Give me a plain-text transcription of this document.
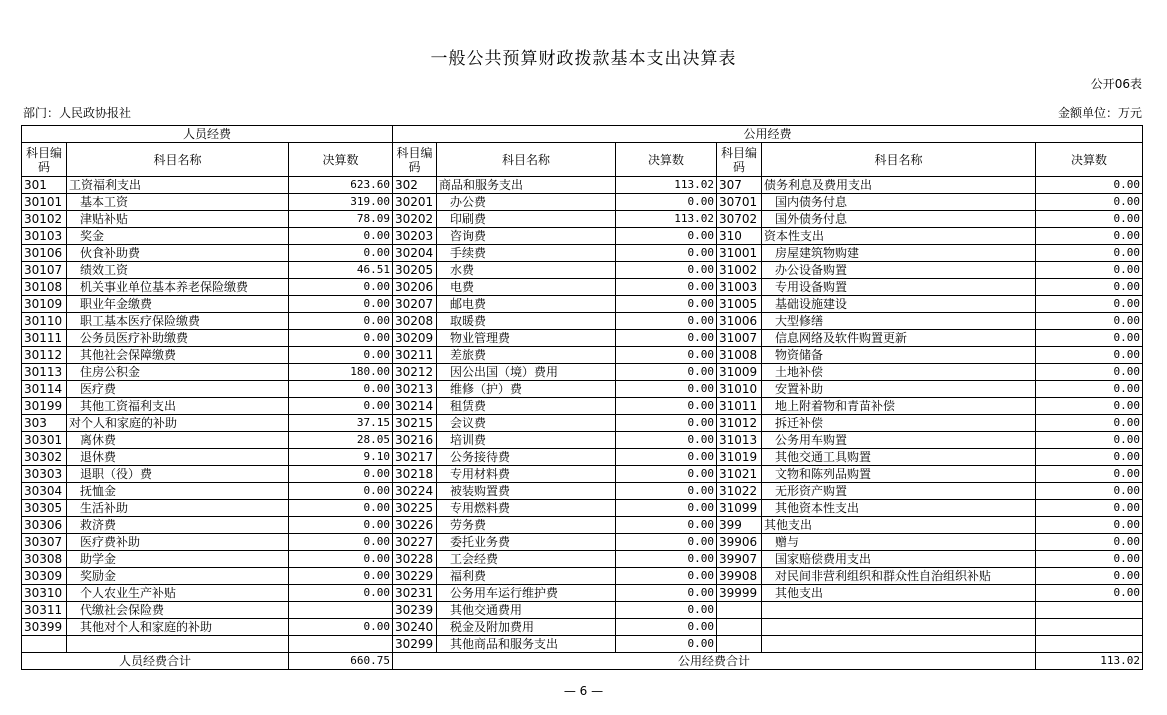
一般公共预算财政拨款基本支出决算表
公开06表
部门：人民政协报社	金额单位：万元
人员经费			公用经费					
科目编码	科目名称	决算数	科目编码	科目名称	决算数	科目编码	科目名称	决算数
301	工资福利支出	623.60	302	商品和服务支出	113.02	307	债务利息及费用支出	0.00
30101	基本工资	319.00	30201	办公费	0.00	30701	国内债务付息	0.00
30102	津贴补贴	78.09	30202	印刷费	113.02	30702	国外债务付息	0.00
30103	奖金	0.00	30203	咨询费	0.00	310	资本性支出	0.00
30106	伙食补助费	0.00	30204	手续费	0.00	31001	房屋建筑物购建	0.00
30107	绩效工资	46.51	30205	水费	0.00	31002	办公设备购置	0.00
30108	机关事业单位基本养老保险缴费	0.00	30206	电费	0.00	31003	专用设备购置	0.00
30109	职业年金缴费	0.00	30207	邮电费	0.00	31005	基础设施建设	0.00
30110	职工基本医疗保险缴费	0.00	30208	取暖费	0.00	31006	大型修缮	0.00
30111	公务员医疗补助缴费	0.00	30209	物业管理费	0.00	31007	信息网络及软件购置更新	0.00
30112	其他社会保障缴费	0.00	30211	差旅费	0.00	31008	物资储备	0.00
30113	住房公积金	180.00	30212	因公出国（境）费用	0.00	31009	土地补偿	0.00
30114	医疗费	0.00	30213	维修（护）费	0.00	31010	安置补助	0.00
30199	其他工资福利支出	0.00	30214	租赁费	0.00	31011	地上附着物和青苗补偿	0.00
303	对个人和家庭的补助	37.15	30215	会议费	0.00	31012	拆迁补偿	0.00
30301	离休费	28.05	30216	培训费	0.00	31013	公务用车购置	0.00
30302	退休费	9.10	30217	公务接待费	0.00	31019	其他交通工具购置	0.00
30303	退职（役）费	0.00	30218	专用材料费	0.00	31021	文物和陈列品购置	0.00
30304	抚恤金	0.00	30224	被装购置费	0.00	31022	无形资产购置	0.00
30305	生活补助	0.00	30225	专用燃料费	0.00	31099	其他资本性支出	0.00
30306	救济费	0.00	30226	劳务费	0.00	399	其他支出	0.00
30307	医疗费补助	0.00	30227	委托业务费	0.00	39906	赠与	0.00
30308	助学金	0.00	30228	工会经费	0.00	39907	国家赔偿费用支出	0.00
30309	奖励金	0.00	30229	福利费	0.00	39908	对民间非营利组织和群众性自治组织补贴	0.00
30310	个人农业生产补贴	0.00	30231	公务用车运行维护费	0.00	39999	其他支出	0.00
30311	代缴社会保险费		30239	其他交通费用	0.00			
30399	其他对个人和家庭的补助	0.00	30240	税金及附加费用	0.00			
			30299	其他商品和服务支出	0.00			
人员经费合计		660.75	公用经费合计					113.02
— 6 —
